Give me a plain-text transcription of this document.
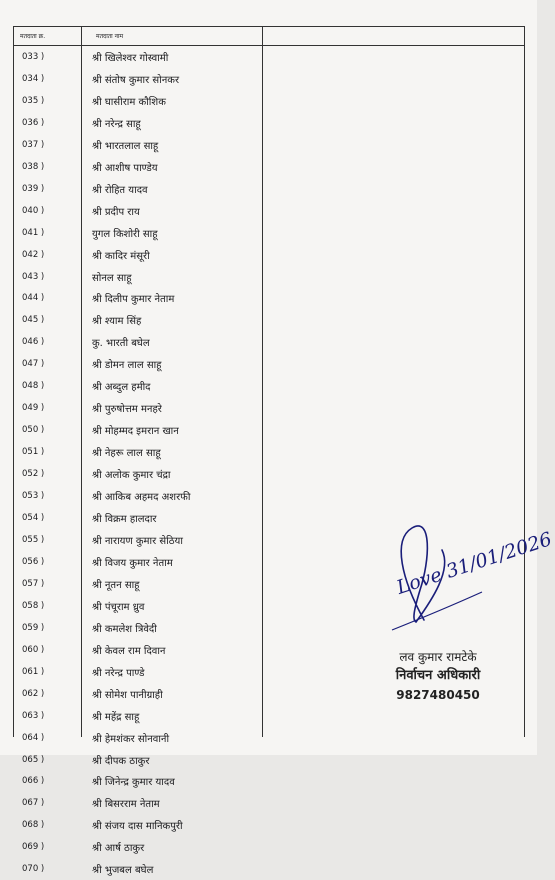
मतदाता क्र.	मतदाता नाम
033 )	श्री खिलेश्वर गोस्वामी
034 )	श्री संतोष कुमार सोनकर
035 )	श्री घासीराम कौशिक
036 )	श्री नरेन्द्र साहू
037 )	श्री भारतलाल साहू
038 )	श्री आशीष पाण्डेय
039 )	श्री रोहित यादव
040 )	श्री प्रदीप राय
041 )	युगल किशोरी साहू
042 )	श्री कादिर मंसूरी
043 )	सोनल साहू
044 )	श्री दिलीप कुमार नेताम
045 )	श्री श्याम सिंह
046 )	कु. भारती बघेल
047 )	श्री डोमन लाल साहू
048 )	श्री अब्दुल हमीद
049 )	श्री पुरुषोत्तम मनहरे
050 )	श्री मोहम्मद इमरान खान
051 )	श्री नेहरू लाल साहू
052 )	श्री अलोक कुमार चंद्रा
053 )	श्री आकिब अहमद अशरफी
054 )	श्री विक्रम हालदार
055 )	श्री नारायण कुमार सेठिया
056 )	श्री विजय कुमार नेताम
057 )	श्री नूतन साहू
058 )	श्री पंचूराम ध्रुव
059 )	श्री कमलेश त्रिवेदी
060 )	श्री केवल राम दिवान
061 )	श्री नरेन्द्र पाण्डे
062 )	श्री सोमेश पानीग्राही
063 )	श्री महेंद्र साहू
064 )	श्री हेमशंकर सोनवानी
065 )	श्री दीपक ठाकुर
066 )	श्री जिनेन्द्र कुमार यादव
067 )	श्री बिसरराम नेताम
068 )	श्री संजय दास मानिकपुरी
069 )	श्री आर्ष ठाकुर
070 )	श्री भुजबल बघेल
Love 31/01/2026
लव कुमार रामटेके
निर्वाचन अधिकारी
9827480450
